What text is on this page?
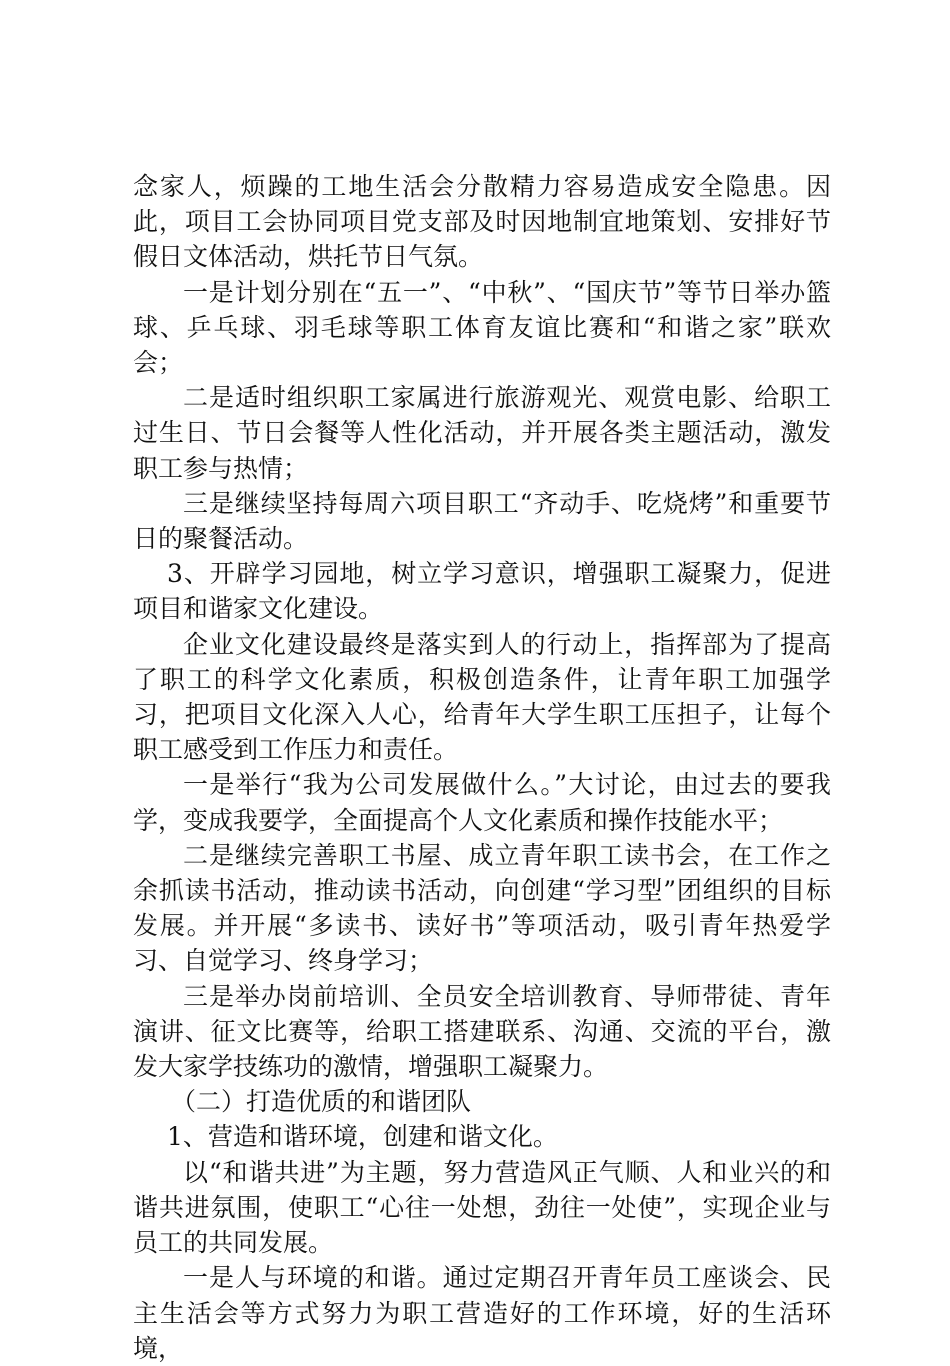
念家人，烦躁的工地生活会分散精力容易造成安全隐患。因此，项目工会协同项目党支部及时因地制宜地策划、安排好节假日文体活动，烘托节日气氛。

一是计划分别在“五一”、“中秋”、“国庆节”等节日举办篮球、乒乓球、羽毛球等职工体育友谊比赛和“和谐之家”联欢会；

二是适时组织职工家属进行旅游观光、观赏电影、给职工过生日、节日会餐等人性化活动，并开展各类主题活动，激发职工参与热情；

三是继续坚持每周六项目职工“齐动手、吃烧烤”和重要节日的聚餐活动。

3、开辟学习园地，树立学习意识，增强职工凝聚力，促进项目和谐家文化建设。

企业文化建设最终是落实到人的行动上，指挥部为了提高了职工的科学文化素质，积极创造条件，让青年职工加强学习，把项目文化深入人心，给青年大学生职工压担子，让每个职工感受到工作压力和责任。

一是举行“我为公司发展做什么。”大讨论，由过去的要我学，变成我要学，全面提高个人文化素质和操作技能水平；

二是继续完善职工书屋、成立青年职工读书会，在工作之余抓读书活动，推动读书活动，向创建“学习型”团组织的目标发展。并开展“多读书、读好书”等项活动，吸引青年热爱学习、自觉学习、终身学习；

三是举办岗前培训、全员安全培训教育、导师带徒、青年演讲、征文比赛等，给职工搭建联系、沟通、交流的平台，激发大家学技练功的激情，增强职工凝聚力。

（二）打造优质的和谐团队

1、营造和谐环境，创建和谐文化。

以“和谐共进”为主题，努力营造风正气顺、人和业兴的和谐共进氛围，使职工“心往一处想，劲往一处使”，实现企业与员工的共同发展。

一是人与环境的和谐。通过定期召开青年员工座谈会、民主生活会等方式努力为职工营造好的工作环境，好的生活环境，
